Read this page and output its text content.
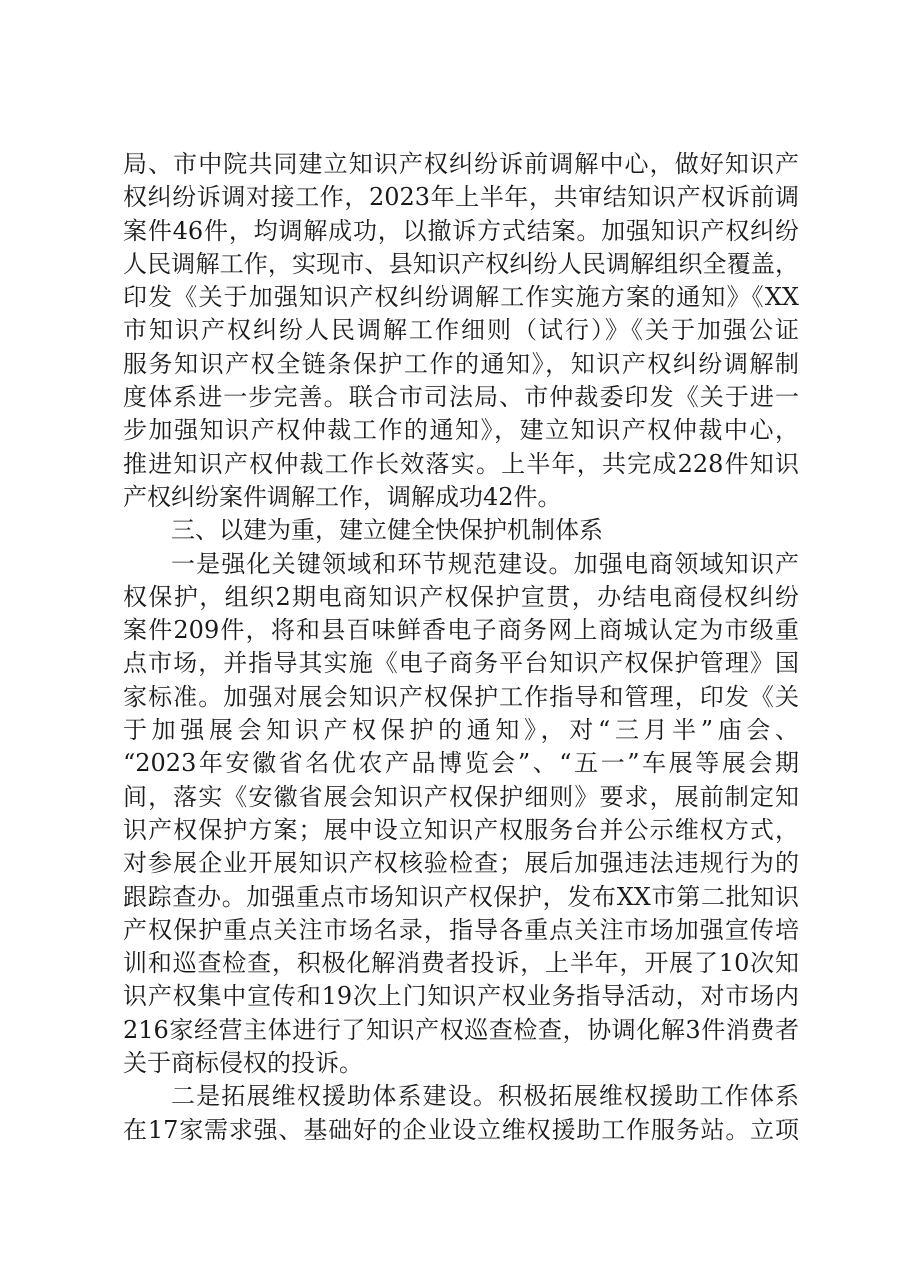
局、市中院共同建立知识产权纠纷诉前调解中心，做好知识产
权纠纷诉调对接工作，2023年上半年，共审结知识产权诉前调
案件46件，均调解成功，以撤诉方式结案。加强知识产权纠纷
人民调解工作，实现市、县知识产权纠纷人民调解组织全覆盖，
印发《关于加强知识产权纠纷调解工作实施方案的通知》《XX
市知识产权纠纷人民调解工作细则（试行）》《关于加强公证
服务知识产权全链条保护工作的通知》，知识产权纠纷调解制
度体系进一步完善。联合市司法局、市仲裁委印发《关于进一
步加强知识产权仲裁工作的通知》，建立知识产权仲裁中心，
推进知识产权仲裁工作长效落实。上半年，共完成228件知识
产权纠纷案件调解工作，调解成功42件。
三、以建为重，建立健全快保护机制体系
一是强化关键领域和环节规范建设。加强电商领域知识产
权保护，组织2期电商知识产权保护宣贯，办结电商侵权纠纷
案件209件，将和县百味鲜香电子商务网上商城认定为市级重
点市场，并指导其实施《电子商务平台知识产权保护管理》国
家标准。加强对展会知识产权保护工作指导和管理，印发《关
于加强展会知识产权保护的通知》，对“三月半”庙会、
“2023年安徽省名优农产品博览会”、“五一”车展等展会期
间，落实《安徽省展会知识产权保护细则》要求，展前制定知
识产权保护方案；展中设立知识产权服务台并公示维权方式，
对参展企业开展知识产权核验检查；展后加强违法违规行为的
跟踪查办。加强重点市场知识产权保护，发布XX市第二批知识
产权保护重点关注市场名录，指导各重点关注市场加强宣传培
训和巡查检查，积极化解消费者投诉，上半年，开展了10次知
识产权集中宣传和19次上门知识产权业务指导活动，对市场内
216家经营主体进行了知识产权巡查检查，协调化解3件消费者
关于商标侵权的投诉。
二是拓展维权援助体系建设。积极拓展维权援助工作体系
在17家需求强、基础好的企业设立维权援助工作服务站。立项
